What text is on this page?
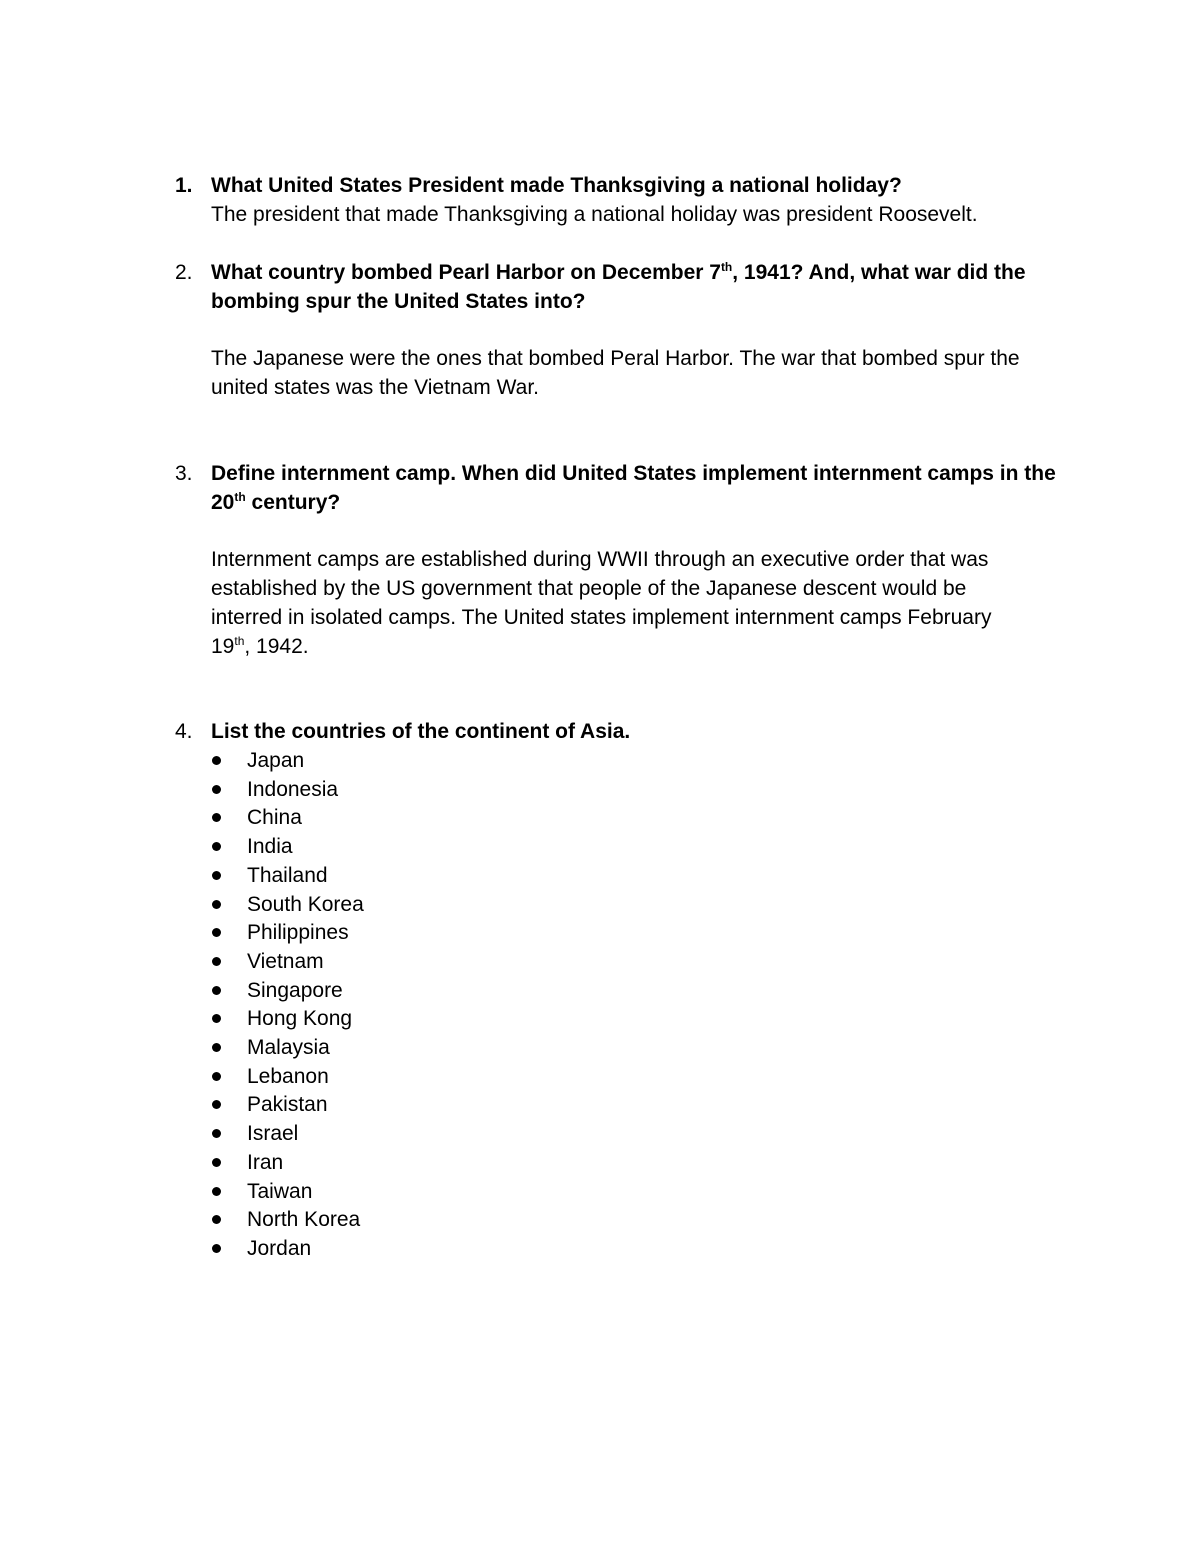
1. What United States President made Thanksgiving a national holiday?
The president that made Thanksgiving a national holiday was president Roosevelt.
2. What country bombed Pearl Harbor on December 7th, 1941? And, what war did the
bombing spur the United States into?
The Japanese were the ones that bombed Peral Harbor. The war that bombed spur the
united states was the Vietnam War.
3. Define internment camp. When did United States implement internment camps in the
20th century?
Internment camps are established during WWII through an executive order that was
established by the US government that people of the Japanese descent would be
interred in isolated camps. The United states implement internment camps February
19th, 1942.
4. List the countries of the continent of Asia.
Japan
Indonesia
China
India
Thailand
South Korea
Philippines
Vietnam
Singapore
Hong Kong
Malaysia
Lebanon
Pakistan
Israel
Iran
Taiwan
North Korea
Jordan
